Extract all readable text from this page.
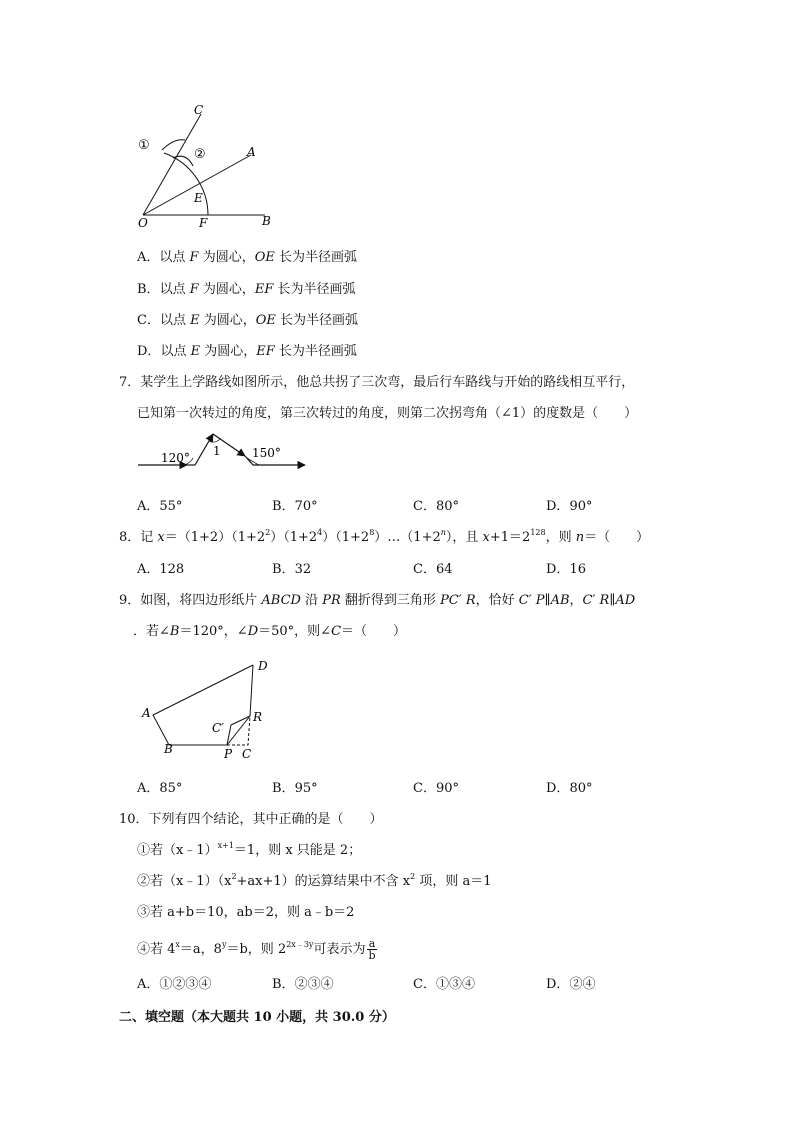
C
A
B
O
E
F
①
②
A．以点 F 为圆心，OE 长为半径画弧
B．以点 F 为圆心，EF 长为半径画弧
C．以点 E 为圆心，OE 长为半径画弧
D．以点 E 为圆心，EF 长为半径画弧
7．某学生上学路线如图所示，他总共拐了三次弯，最后行车路线与开始的路线相互平行，
已知第一次转过的角度，第三次转过的角度，则第二次拐弯角（∠1）的度数是（　　）
120° 1	150°
A．55°	B．70°	C．80°	D．90°
8．记 $x=(1+2)(1+2^2)(1+2^4)(1+2^8)\dots(1+2^n)$，且 $x+1=2^{128}$，则 n＝（　　）
A．128	B．32	C．64	D．16
9．如图，将四边形纸片 ABCD 沿 PR 翻折得到三角形 PC′ R，恰好 C′ P∥AB，C′ R∥AD
．若∠B＝120°，∠D＝50°，则∠C＝（　　）
D
A
B
R
C′
P C
A．85°	B．95°	C．90°	D．80°
10．下列有四个结论，其中正确的是（　　）
①若（x﹣1）$^{x+1}$＝1，则 x 只能是 2；
②若$(x﹣1)(x^2+ax+1)$的运算结果中不含 $x^2$ 项，则 a＝1
③若 a+b＝10，ab＝2，则 a﹣b＝2
④若 $4^x=a$，$8^y=b$，则 $2^{2x﹣3y}$可表示为 $\frac{a}{b}$
A．①②③④	B．②③④	C．①③④	D．②④
二、填空题（本大题共 10 小题，共 30.0 分）
